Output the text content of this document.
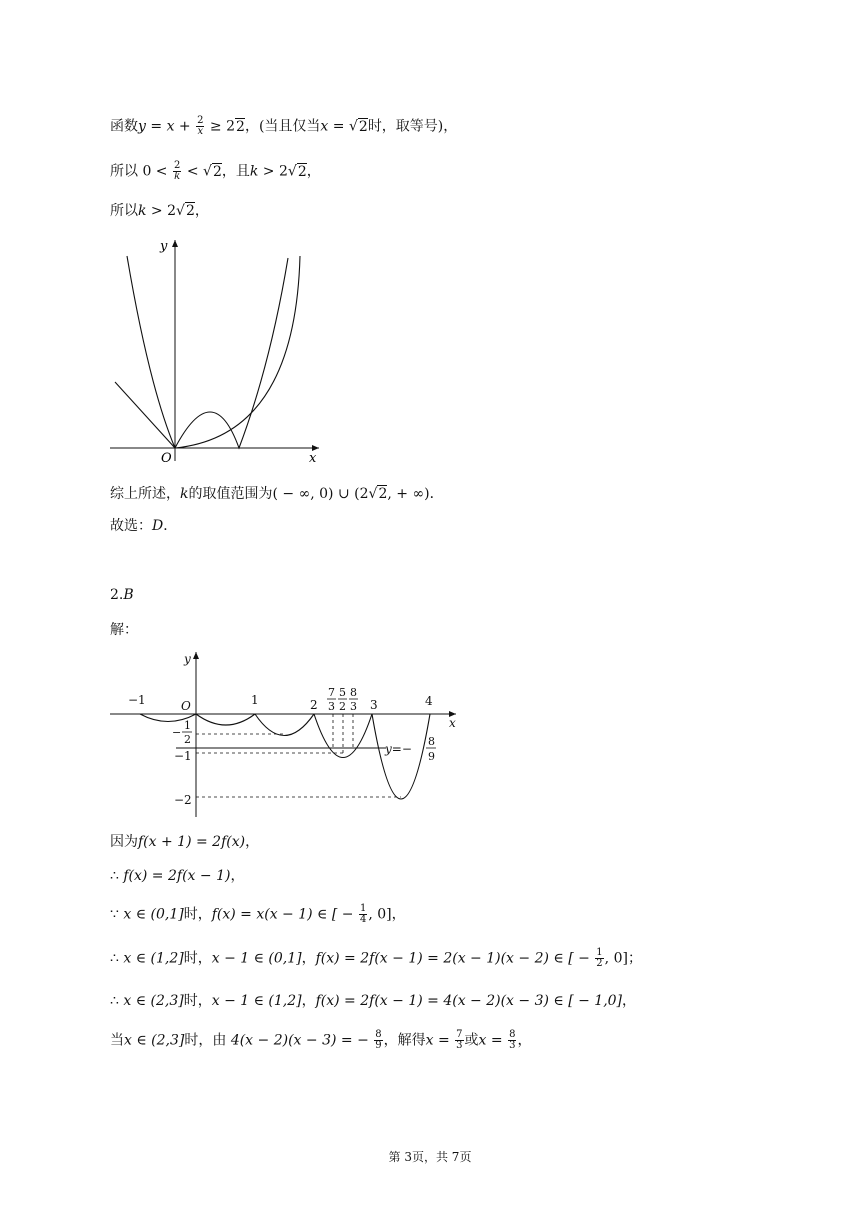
函数$y = x + \frac{2}{x} \ge 22$，(当且仅当x = √2时，取等号)，
所以 $0 < \frac{2}{k} < √2$，且k > 2√2，
所以k > 2√2，
y
x
O
综上所述，k的取值范围为( − ∞, 0) ∪ (2√2, + ∞)．
故选：D．
2.B
解：
y
x
O
−1	1	2	3	4
7
3
5
2
8
3
−
1
2
−1
−2
y=−
8
9
因为f(x + 1) = 2f(x)，
∴ f(x) = 2f(x − 1)，
∵ x ∈ (0,1]时，f(x) = x(x − 1) ∈ [ − $\frac{1}{4}$ , 0]，
∴ x ∈ (1,2]时，x − 1 ∈ (0,1]，f(x) = 2f(x − 1) = 2(x − 1)(x − 2) ∈ [ − $\frac{1}{2}$ , 0]；
∴ x ∈ (2,3]时，x − 1 ∈ (1,2]，f(x) = 2f(x − 1) = 4(x − 2)(x − 3) ∈ [ − 1,0]，
当x ∈ (2,3]时，由 4(x − 2)(x − 3) = − $\frac{8}{9}$ ，解得$x = \frac{7}{3}$ 或$x = \frac{8}{3}$ ，
第 3页，共 7页
